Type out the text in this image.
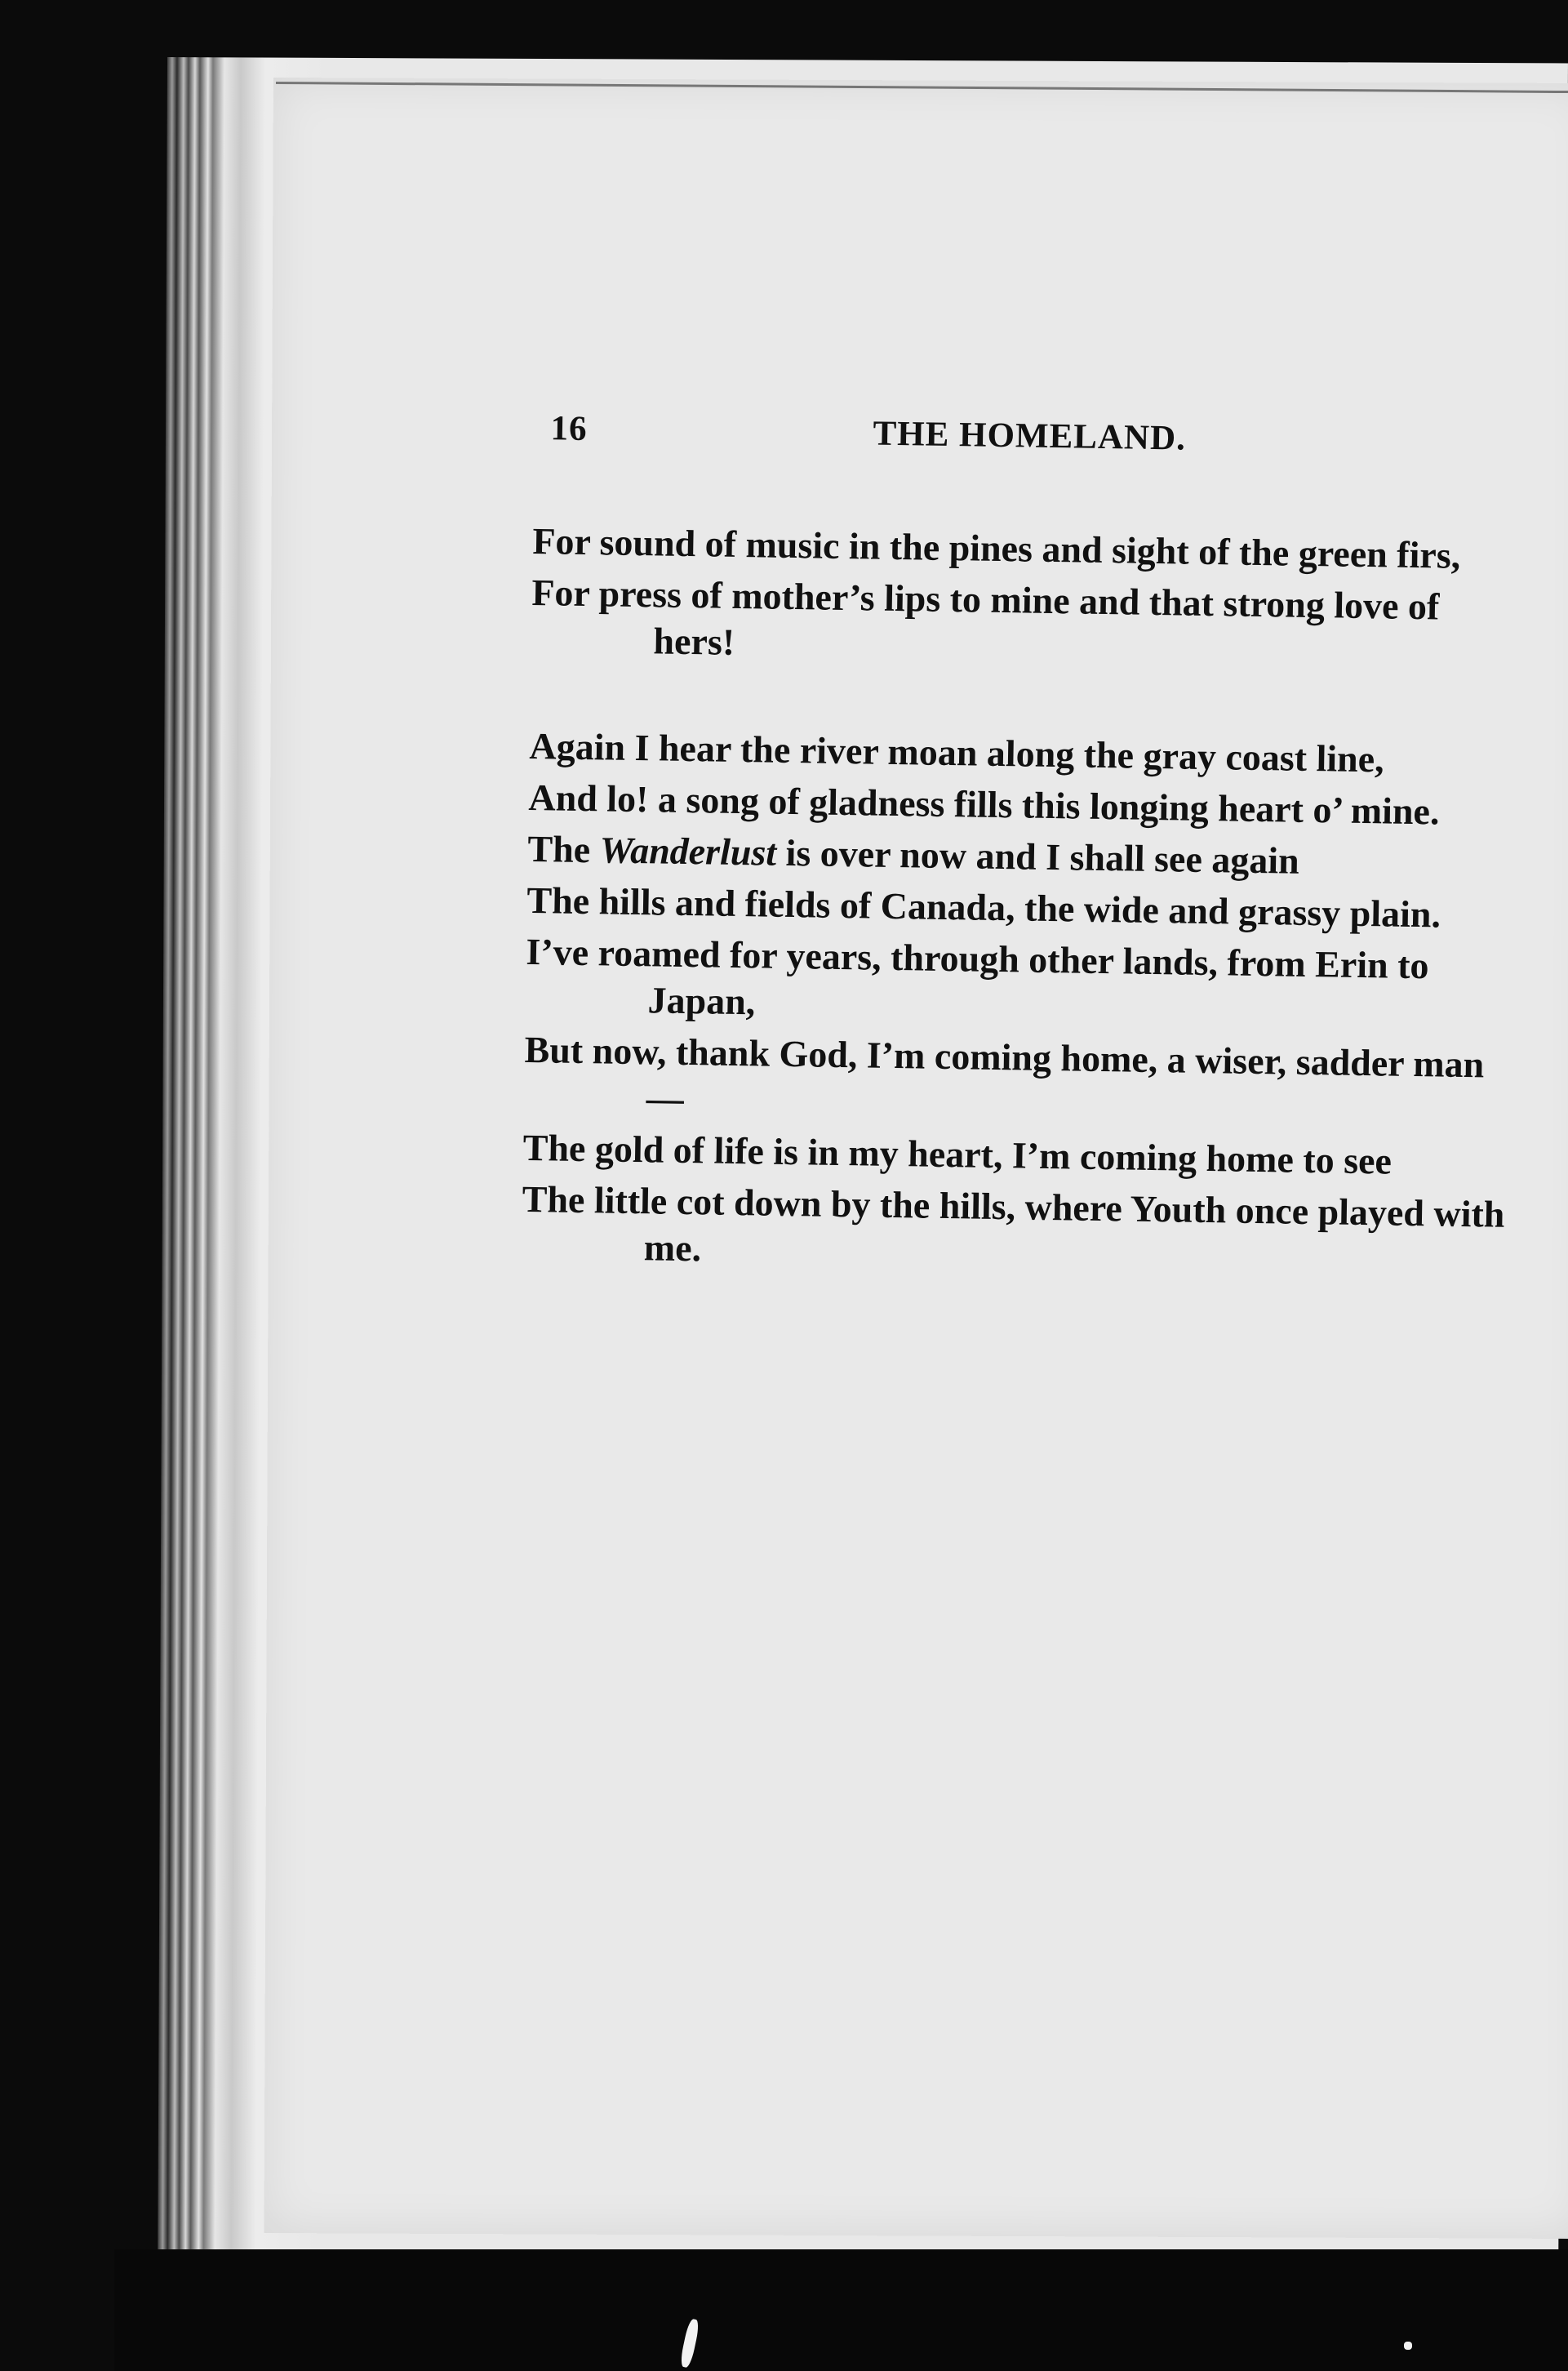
16	THE HOMELAND.
For sound of music in the pines and sight of the green firs,
For press of mother’s lips to mine and that strong love of hers!
Again I hear the river moan along the gray coast line,
And lo! a song of gladness fills this longing heart o’ mine.
The Wanderlust is over now and I shall see again
The hills and fields of Canada, the wide and grassy plain.
I’ve roamed for years, through other lands, from Erin to Japan,
But now, thank God, I’m coming home, a wiser, sadder man—
The gold of life is in my heart, I’m coming home to see
The little cot down by the hills, where Youth once played with me.
